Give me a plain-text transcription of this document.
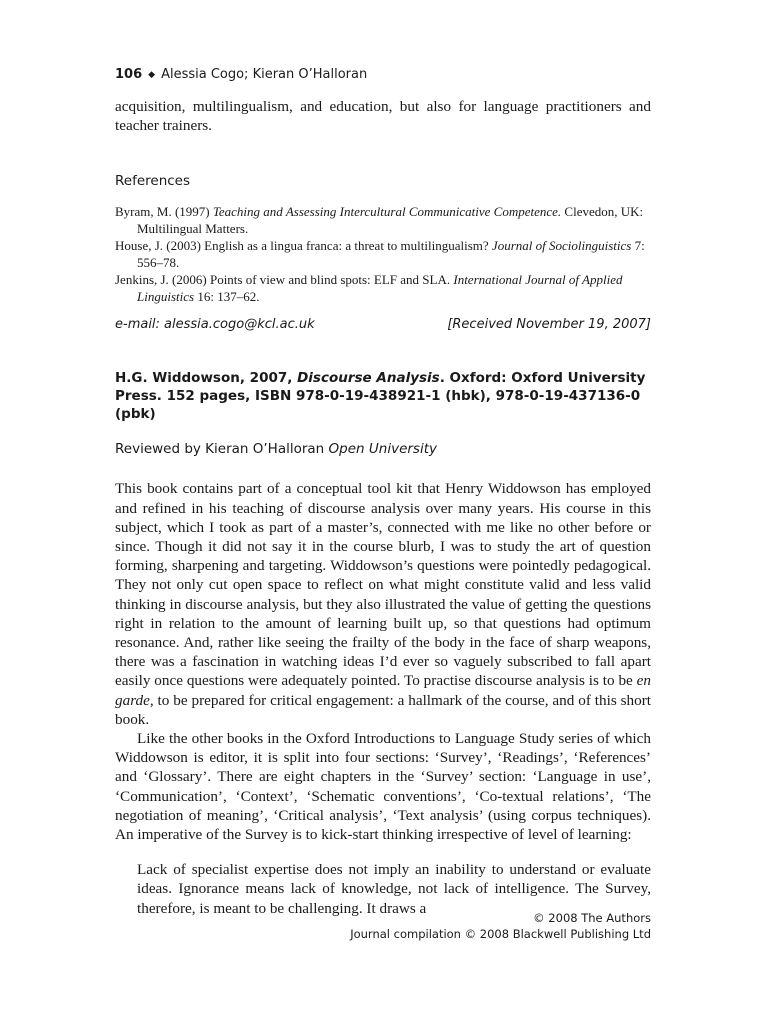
106 ◆ Alessia Cogo; Kieran O’Halloran

acquisition, multilingualism, and education, but also for language practitioners and teacher trainers.

References

Byram, M. (1997) Teaching and Assessing Intercultural Communicative Competence. Clevedon, UK: Multilingual Matters.

House, J. (2003) English as a lingua franca: a threat to multilingualism? Journal of Sociolinguistics 7: 556–78.

Jenkins, J. (2006) Points of view and blind spots: ELF and SLA. International Journal of Applied Linguistics 16: 137–62.

e-mail: alessia.cogo@kcl.ac.uk	[Received November 19, 2007]
H.G. Widdowson, 2007, Discourse Analysis. Oxford: Oxford University Press. 152 pages, ISBN 978-0-19-438921-1 (hbk), 978-0-19-437136-0 (pbk)
Reviewed by Kieran O’Halloran Open University

This book contains part of a conceptual tool kit that Henry Widdowson has employed and refined in his teaching of discourse analysis over many years. His course in this subject, which I took as part of a master’s, connected with me like no other before or since. Though it did not say it in the course blurb, I was to study the art of question forming, sharpening and targeting. Widdowson’s questions were pointedly pedagogical. They not only cut open space to reflect on what might constitute valid and less valid thinking in discourse analysis, but they also illustrated the value of getting the questions right in relation to the amount of learning built up, so that questions had optimum resonance. And, rather like seeing the frailty of the body in the face of sharp weapons, there was a fascination in watching ideas I’d ever so vaguely subscribed to fall apart easily once questions were adequately pointed. To practise discourse analysis is to be en garde, to be prepared for critical engagement: a hallmark of the course, and of this short book.

Like the other books in the Oxford Introductions to Language Study series of which Widdowson is editor, it is split into four sections: ‘Survey’, ‘Readings’, ‘References’ and ‘Glossary’. There are eight chapters in the ‘Survey’ section: ‘Language in use’, ‘Communication’, ‘Context’, ‘Schematic conventions’, ‘Co-textual relations’, ‘The negotiation of meaning’, ‘Critical analysis’, ‘Text analysis’ (using corpus techniques). An imperative of the Survey is to kick-start thinking irrespective of level of learning:

Lack of specialist expertise does not imply an inability to understand or evaluate ideas. Ignorance means lack of knowledge, not lack of intelligence. The Survey, therefore, is meant to be challenging. It draws a

© 2008 The Authors
Journal compilation © 2008 Blackwell Publishing Ltd
